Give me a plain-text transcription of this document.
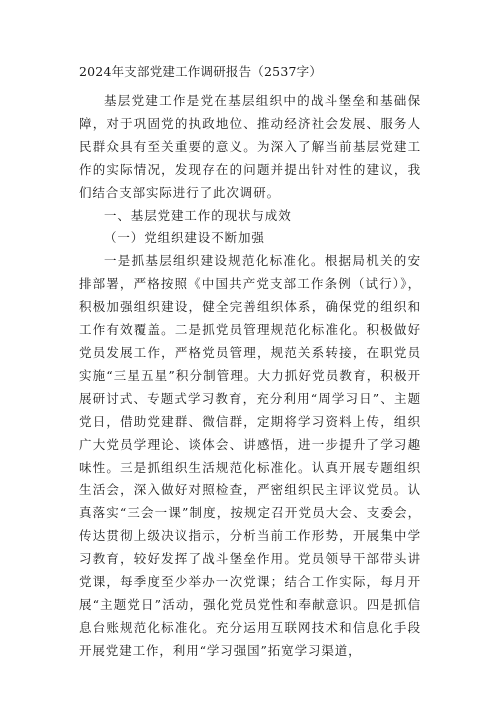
2024年支部党建工作调研报告（2537字）

基层党建工作是党在基层组织中的战斗堡垒和基础保障，对于巩固党的执政地位、推动经济社会发展、服务人民群众具有至关重要的意义。为深入了解当前基层党建工作的实际情况，发现存在的问题并提出针对性的建议，我们结合支部实际进行了此次调研。

一、基层党建工作的现状与成效

（一）党组织建设不断加强

一是抓基层组织建设规范化标准化。根据局机关的安排部署，严格按照《中国共产党支部工作条例（试行）》，积极加强组织建设，健全完善组织体系，确保党的组织和工作有效覆盖。二是抓党员管理规范化标准化。积极做好党员发展工作，严格党员管理，规范关系转接，在职党员实施“三星五星”积分制管理。大力抓好党员教育，积极开展研讨式、专题式学习教育，充分利用“周学习日”、主题党日，借助党建群、微信群，定期将学习资料上传，组织广大党员学理论、谈体会、讲感悟，进一步提升了学习趣味性。三是抓组织生活规范化标准化。认真开展专题组织生活会，深入做好对照检查，严密组织民主评议党员。认真落实“三会一课”制度，按规定召开党员大会、支委会，传达贯彻上级决议指示，分析当前工作形势，开展集中学习教育，较好发挥了战斗堡垒作用。党员领导干部带头讲党课，每季度至少举办一次党课；结合工作实际，每月开展“主题党日”活动，强化党员党性和奉献意识。四是抓信息台账规范化标准化。充分运用互联网技术和信息化手段开展党建工作，利用“学习强国”拓宽学习渠道，
